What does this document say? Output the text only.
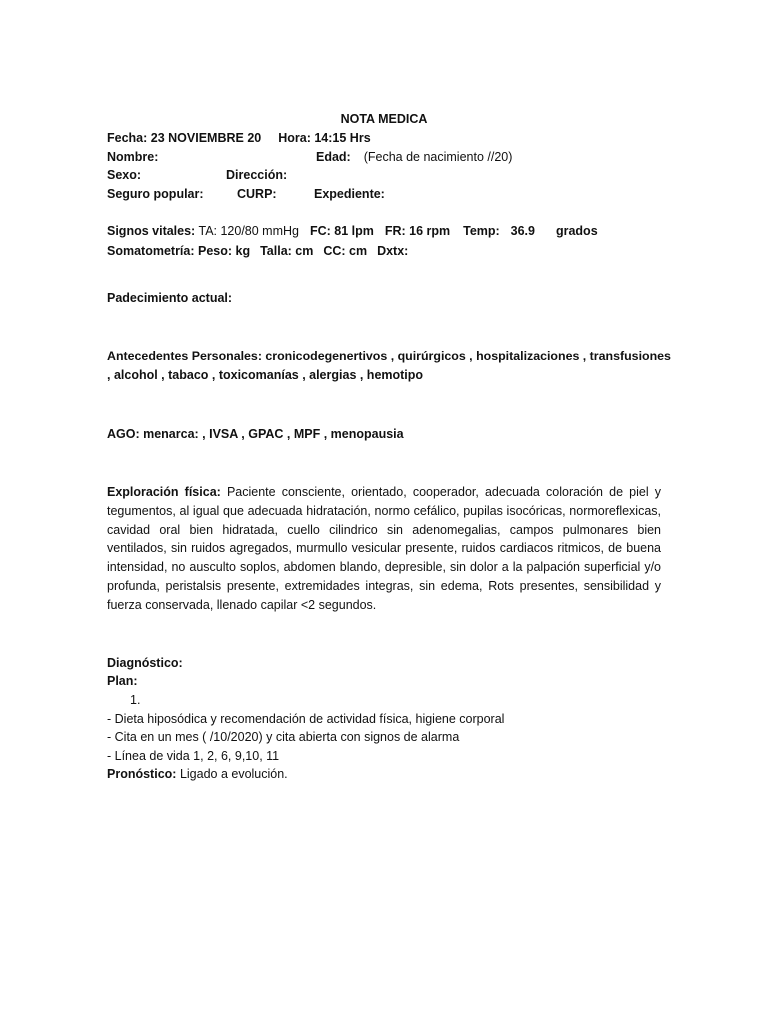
NOTA MEDICA
Fecha: 23 NOVIEMBRE 20 Hora: 14:15 Hrs
Nombre:	Edad: (Fecha de nacimiento //20)
Sexo:	Dirección:
Seguro popular:	CURP:	Expediente:
Signos vitales: TA: 120/80 mmHg FC: 81 lpm FR: 16 rpm Temp: 36.9 grados
Somatometría: Peso: kg Talla: cm CC: cm Dxtx:
Padecimiento actual:
Antecedentes Personales: cronicodegenertivos , quirúrgicos , hospitalizaciones , transfusiones
, alcohol , tabaco , toxicomanías , alergias , hemotipo
AGO: menarca: , IVSA , GPAC , MPF , menopausia
Exploración física: Paciente consciente, orientado, cooperador, adecuada coloración de piel y tegumentos, al igual que adecuada hidratación, normo cefálico, pupilas isocóricas, normoreflexicas, cavidad oral bien hidratada, cuello cilindrico sin adenomegalias, campos pulmonares bien ventilados, sin ruidos agregados, murmullo vesicular presente, ruidos cardiacos ritmicos, de buena intensidad, no ausculto soplos, abdomen blando, depresible, sin dolor a la palpación superficial y/o profunda, peristalsis presente, extremidades integras, sin edema, Rots presentes, sensibilidad y fuerza conservada, llenado capilar <2 segundos.
Diagnóstico:
Plan:
1.
- Dieta hiposódica y recomendación de actividad física, higiene corporal
- Cita en un mes ( /10/2020) y cita abierta con signos de alarma
- Línea de vida 1, 2, 6, 9,10, 11
Pronóstico: Ligado a evolución.
